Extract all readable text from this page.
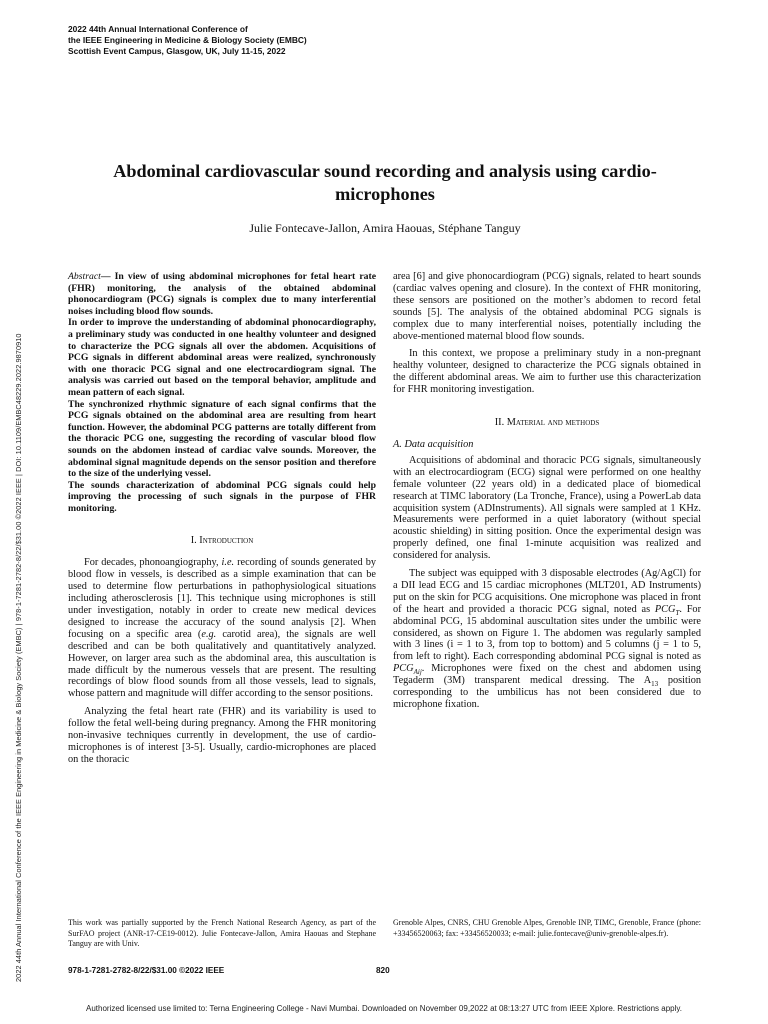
2022 44th Annual International Conference of
the IEEE Engineering in Medicine & Biology Society (EMBC)
Scottish Event Campus, Glasgow, UK, July 11-15, 2022
2022 44th Annual International Conference of the IEEE Engineering in Medicine & Biology Society (EMBC) | 978-1-7281-2782-8/22/$31.00 ©2022 IEEE | DOI: 10.1109/EMBC48229.2022.9870910
Abdominal cardiovascular sound recording and analysis using cardio-microphones
Julie Fontecave-Jallon, Amira Haouas, Stéphane Tanguy

Abstract— In view of using abdominal microphones for fetal heart rate (FHR) monitoring, the analysis of the obtained abdominal phonocardiogram (PCG) signals is complex due to many interferential noises including blood flow sounds.

In order to improve the understanding of abdominal phonocardiography, a preliminary study was conducted in one healthy volunteer and designed to characterize the PCG signals all over the abdomen. Acquisitions of PCG signals in different abdominal areas were realized, synchronously with one thoracic PCG signal and one electrocardiogram signal. The analysis was carried out based on the temporal behavior, amplitude and mean pattern of each signal.

The synchronized rhythmic signature of each signal confirms that the PCG signals obtained on the abdominal area are resulting from heart function. However, the abdominal PCG patterns are totally different from the thoracic PCG one, suggesting the recording of vascular blood flow sounds on the abdomen instead of cardiac valve sounds. Moreover, the abdominal signal magnitude depends on the sensor position and therefore to the size of the underlying vessel.

The sounds characterization of abdominal PCG signals could help improving the processing of such signals in the purpose of FHR monitoring.

I. Introduction

For decades, phonoangiography, i.e. recording of sounds generated by blood flow in vessels, is described as a simple examination that can be used to determine flow perturbations in pathophysiological situations including atherosclerosis [1]. This technique using microphones is still under investigation, notably in order to create new medical devices designed to increase the accuracy of the sound analysis [2]. When focusing on a specific area (e.g. carotid area), the signals are well described and can be both qualitatively and quantitatively analyzed. However, on larger area such as the abdominal area, this auscultation is made difficult by the numerous vessels that are present. The resulting recordings of blow flood sounds from all those vessels, lead to signals, whose pattern and magnitude will differ according to the sensor positions.

Analyzing the fetal heart rate (FHR) and its variability is used to follow the fetal well-being during pregnancy. Among the FHR monitoring non-invasive techniques currently in development, the use of cardio-microphones is of interest [3-5]. Usually, cardio-microphones are placed on the thoracic

area [6] and give phonocardiogram (PCG) signals, related to heart sounds (cardiac valves opening and closure). In the context of FHR monitoring, these sensors are positioned on the mother’s abdomen to record fetal sounds [5]. The analysis of the obtained abdominal PCG signals is complex due to many interferential noises, potentially including the above-mentioned maternal blood flow sounds.

In this context, we propose a preliminary study in a non-pregnant healthy volunteer, designed to characterize the PCG signals obtained in the different abdominal areas. We aim to further use this characterization for FHR monitoring investigation.

II. Material and methods
A. Data acquisition

Acquisitions of abdominal and thoracic PCG signals, simultaneously with an electrocardiogram (ECG) signal were performed on one healthy female volunteer (22 years old) in a dedicated place of biomedical research at TIMC laboratory (La Tronche, France), using a PowerLab data acquisition system (ADInstruments). All signals were sampled at 1 KHz. Measurements were performed in a quiet laboratory (without special acoustic shielding) in sitting position. Once the experimental design was properly defined, one final 1-minute acquisition was realized and considered for analysis.

The subject was equipped with 3 disposable electrodes (Ag/AgCl) for a DII lead ECG and 15 cardiac microphones (MLT201, AD Instruments) put on the skin for PCG acquisitions. One microphone was placed in front of the heart and provided a thoracic PCG signal, noted as $PCG_T$. For abdominal PCG, 15 abdominal auscultation sites under the umbilic were considered, as shown on Figure 1. The abdomen was regularly sampled with 3 lines (i = 1 to 3, from top to bottom) and 5 columns (j = 1 to 5, from left to right). Each corresponding abdominal PCG signal is noted as $PCG_{Aij}$. Microphones were fixed on the chest and abdomen using Tegaderm (3M) transparent medical dressing. The $A_{13}$ position corresponding to the umbilicus has not been considered due to microphone fixation.

This work was partially supported by the French National Research Agency, as part of the SurFAO project (ANR-17-CE19-0012). Julie Fontecave-Jallon, Amira Haouas and Stephane Tanguy are with Univ.
Grenoble Alpes, CNRS, CHU Grenoble Alpes, Grenoble INP, TIMC, Grenoble, France (phone: +33456520063; fax: +33456520033; e-mail: julie.fontecave@univ-grenoble-alpes.fr).
978-1-7281-2782-8/22/$31.00 ©2022 IEEE	820
Authorized licensed use limited to: Terna Engineering College - Navi Mumbai. Downloaded on November 09,2022 at 08:13:27 UTC from IEEE Xplore. Restrictions apply.
